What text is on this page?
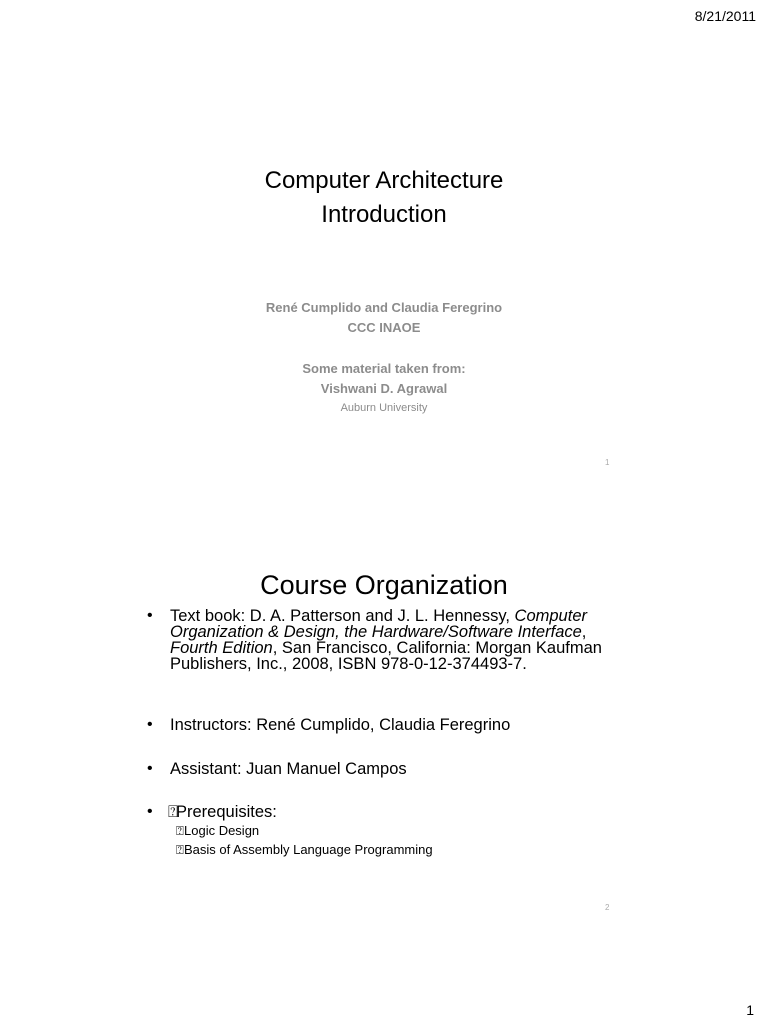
8/21/2011
Computer Architecture
Introduction
René Cumplido and Claudia Feregrino
CCC INAOE
Some material taken from:
Vishwani D. Agrawal
Auburn University
1
Course Organization
• Text book: D. A. Patterson and J. L. Hennessy, Computer Organization & Design, the Hardware/Software Interface, Fourth Edition, San Francisco, California: Morgan Kaufman Publishers, Inc., 2008, ISBN 978-0-12-374493-7.
• Instructors: René Cumplido, Claudia Feregrino
• Assistant: Juan Manuel Campos
• ⍰ Prerequisites:
⍰ Logic Design
⍰ Basis of Assembly Language Programming
2
1
